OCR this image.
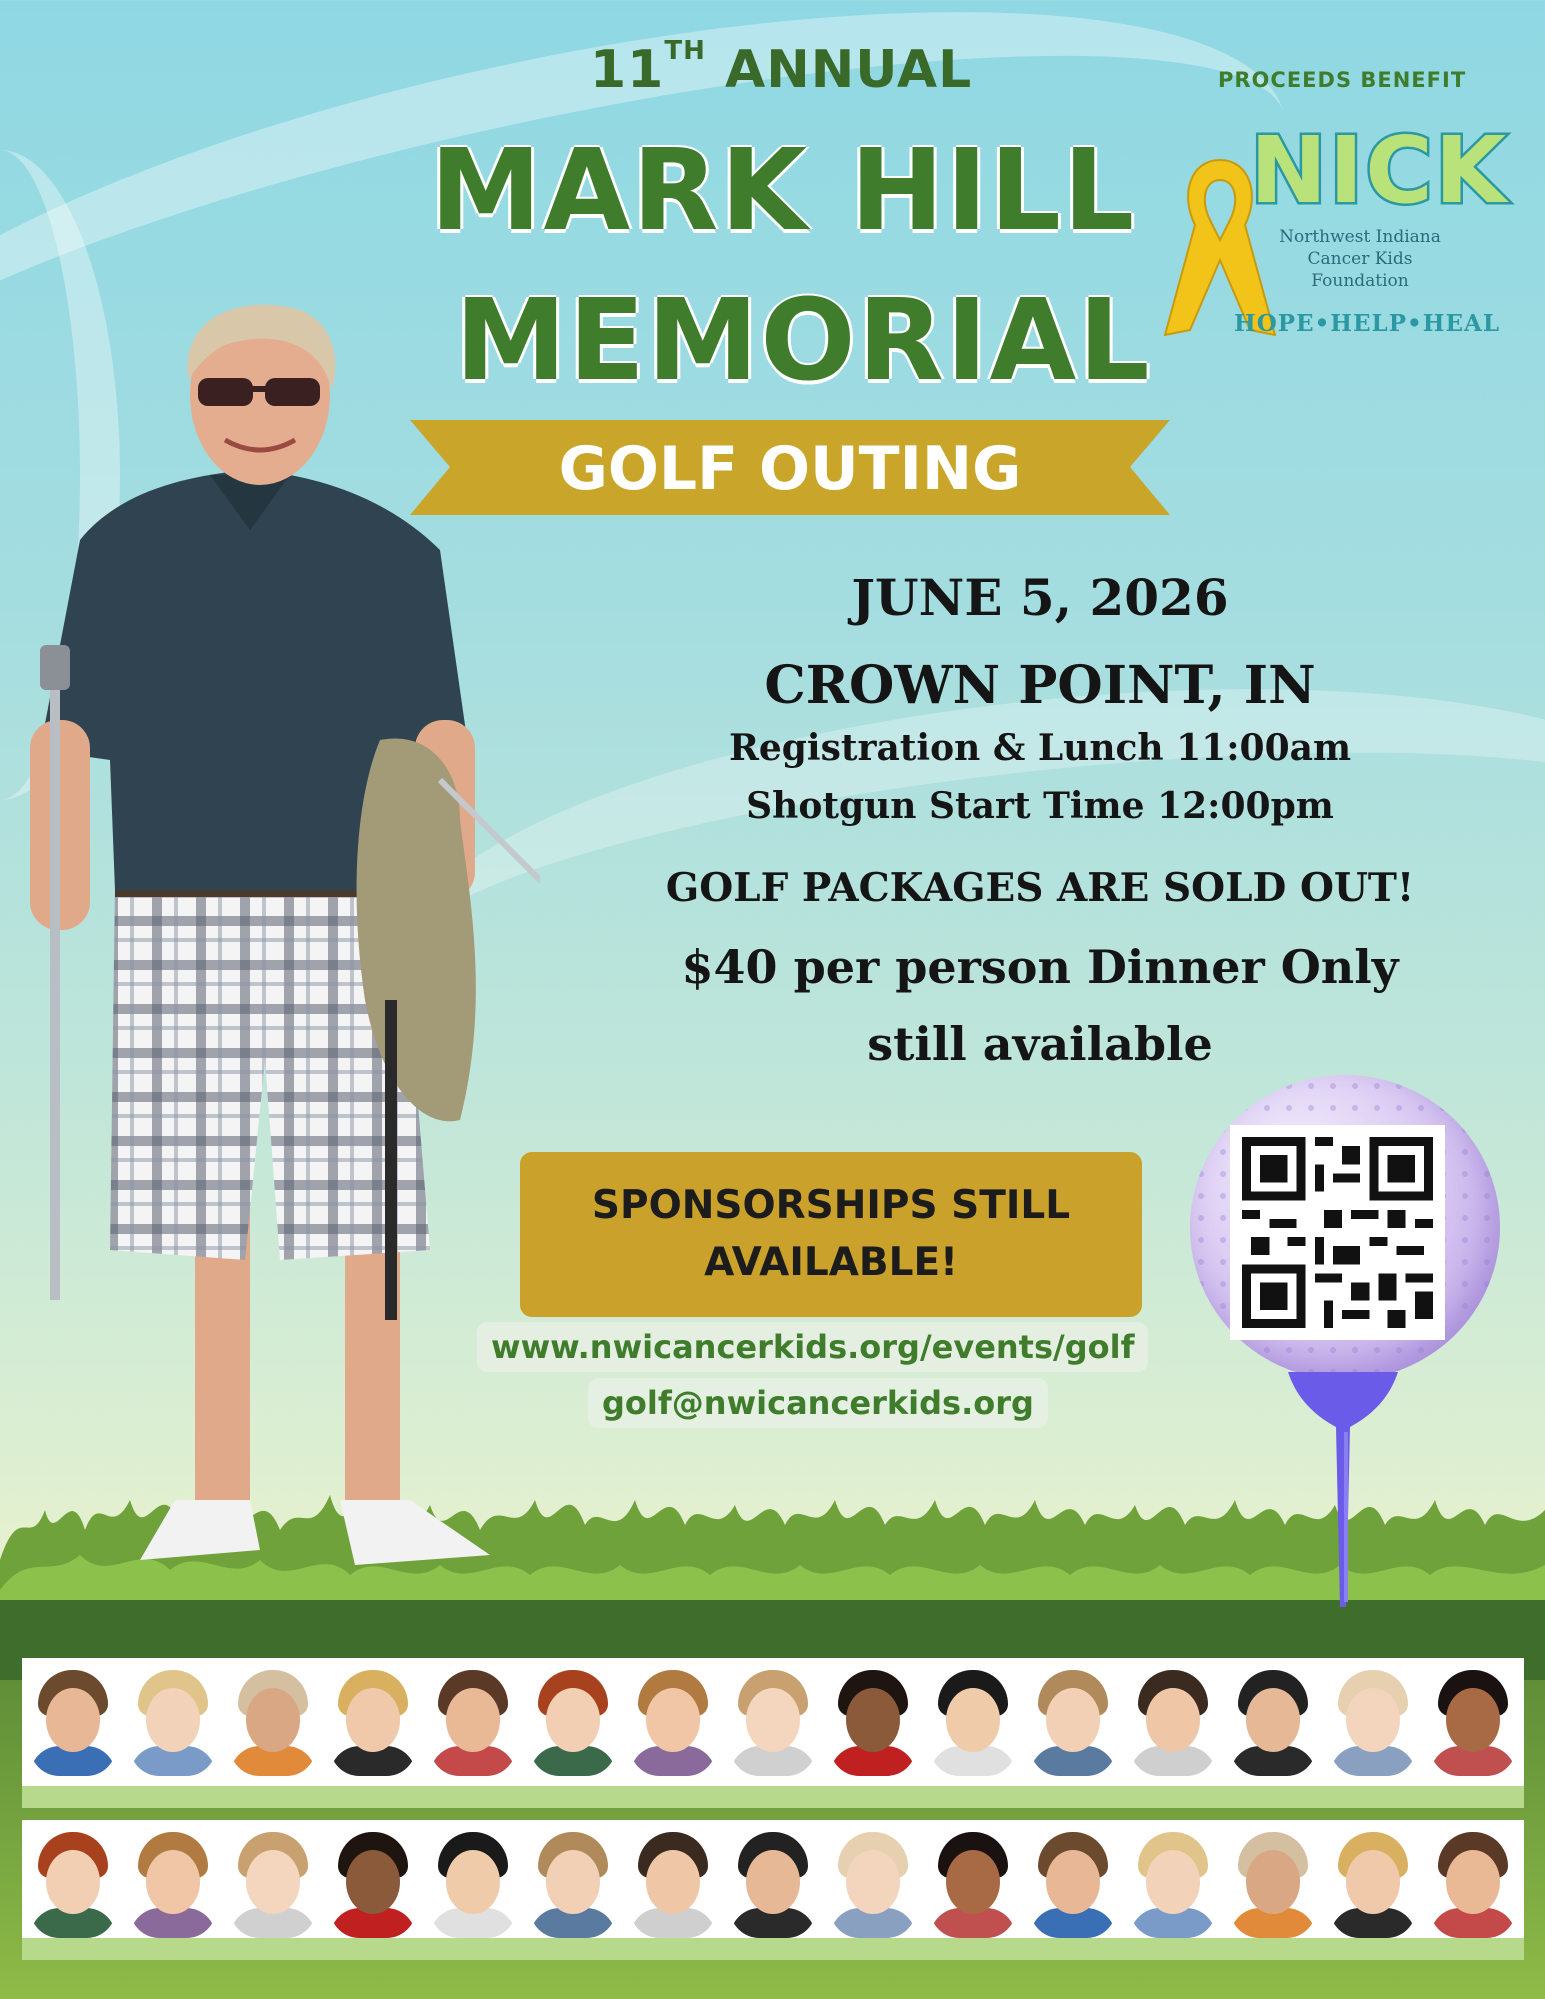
11TH ANNUAL
MARK HILL
MEMORIAL
GOLF OUTING
PROCEEDS BENEFIT
NICK
Northwest Indiana
Cancer Kids
Foundation
HOPE•HELP•HEAL
JUNE 5, 2026
CROWN POINT, IN
Registration & Lunch 11:00am
Shotgun Start Time 12:00pm
GOLF PACKAGES ARE SOLD OUT!
$40 per person Dinner Only
still available
SPONSORSHIPS STILL
AVAILABLE!
www.nwicancerkids.org/events/golf
golf@nwicancerkids.org
